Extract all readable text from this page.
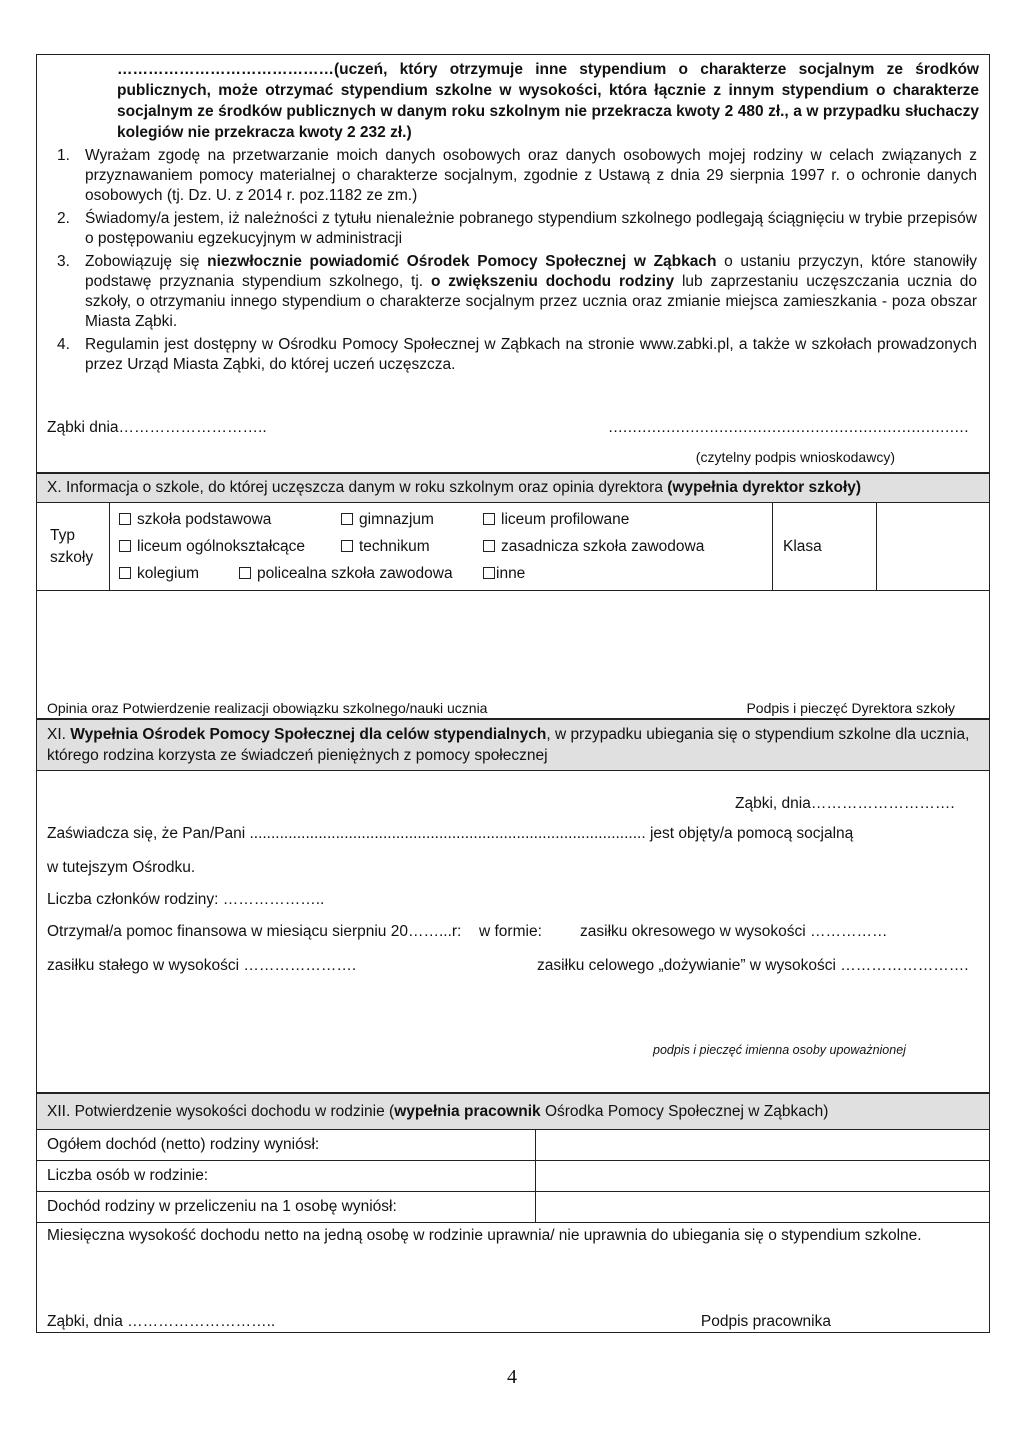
……………………………………(uczeń, który otrzymuje inne stypendium o charakterze socjalnym ze środków publicznych, może otrzymać stypendium szkolne w wysokości, która łącznie z innym stypendium o charakterze socjalnym ze środków publicznych w danym roku szkolnym nie przekracza kwoty 2 480 zł., a w przypadku słuchaczy kolegiów nie przekracza kwoty 2 232 zł.)
1. Wyrażam zgodę na przetwarzanie moich danych osobowych oraz danych osobowych mojej rodziny w celach związanych z przyznawaniem pomocy materialnej o charakterze socjalnym, zgodnie z Ustawą z dnia 29 sierpnia 1997 r. o ochronie danych osobowych (tj. Dz. U. z 2014 r. poz.1182 ze zm.)
2. Świadomy/a jestem, iż należności z tytułu nienależnie pobranego stypendium szkolnego podlegają ściągnięciu w trybie przepisów o postępowaniu egzekucyjnym w administracji
3. Zobowiązuję się niezwłocznie powiadomić Ośrodek Pomocy Społecznej w Ząbkach o ustaniu przyczyn, które stanowiły podstawę przyznania stypendium szkolnego, tj. o zwiększeniu dochodu rodziny lub zaprzestaniu uczęszczania ucznia do szkoły, o otrzymaniu innego stypendium o charakterze socjalnym przez ucznia oraz zmianie miejsca zamieszkania - poza obszar Miasta Ząbki.
4. Regulamin jest dostępny w Ośrodku Pomocy Społecznej w Ząbkach na stronie www.zabki.pl, a także w szkołach prowadzonych przez Urząd Miasta Ząbki, do której uczeń uczęszcza.
Ząbki dnia………………………..	...........................................................................
(czytelny podpis wnioskodawcy)
X. Informacja o szkole, do której uczęszcza danym w roku szkolnym oraz opinia dyrektora (wypełnia dyrektor szkoły)
Typ szkoły	
szkoła podstawowa	gimnazjum	liceum profilowane
liceum ogólnokształcące	technikum	zasadnicza szkoła zawodowa
kolegium	policealna szkoła zawodowa	inne
	Klasa	
Opinia oraz Potwierdzenie realizacji obowiązku szkolnego/nauki ucznia	Podpis i pieczęć Dyrektora szkoły
XI. Wypełnia Ośrodek Pomocy Społecznej dla celów stypendialnych, w przypadku ubiegania się o stypendium szkolne dla ucznia, którego rodzina korzysta ze świadczeń pieniężnych z pomocy społecznej
Ząbki, dnia……………………….
Zaświadcza się, że Pan/Pani ............................................................................................ jest objęty/a pomocą socjalną
w tutejszym Ośrodku.
Liczba członków rodziny: ………………..
Otrzymał/a pomoc finansowa w miesiącu sierpniu 20……...r: w formie: zasiłku okresowego w wysokości ……………
zasiłku stałego w wysokości ………………….	zasiłku celowego „dożywianie” w wysokości …………………….
podpis i pieczęć imienna osoby upoważnionej
XII. Potwierdzenie wysokości dochodu w rodzinie (wypełnia pracownik Ośrodka Pomocy Społecznej w Ząbkach)
Ogółem dochód (netto) rodziny wyniósł:	
Liczba osób w rodzinie:	
Dochód rodziny w przeliczeniu na 1 osobę wyniósł:	
Miesięczna wysokość dochodu netto na jedną osobę w rodzinie uprawnia/ nie uprawnia do ubiegania się o stypendium szkolne.
Ząbki, dnia ………………………..	Podpis pracownika
4
